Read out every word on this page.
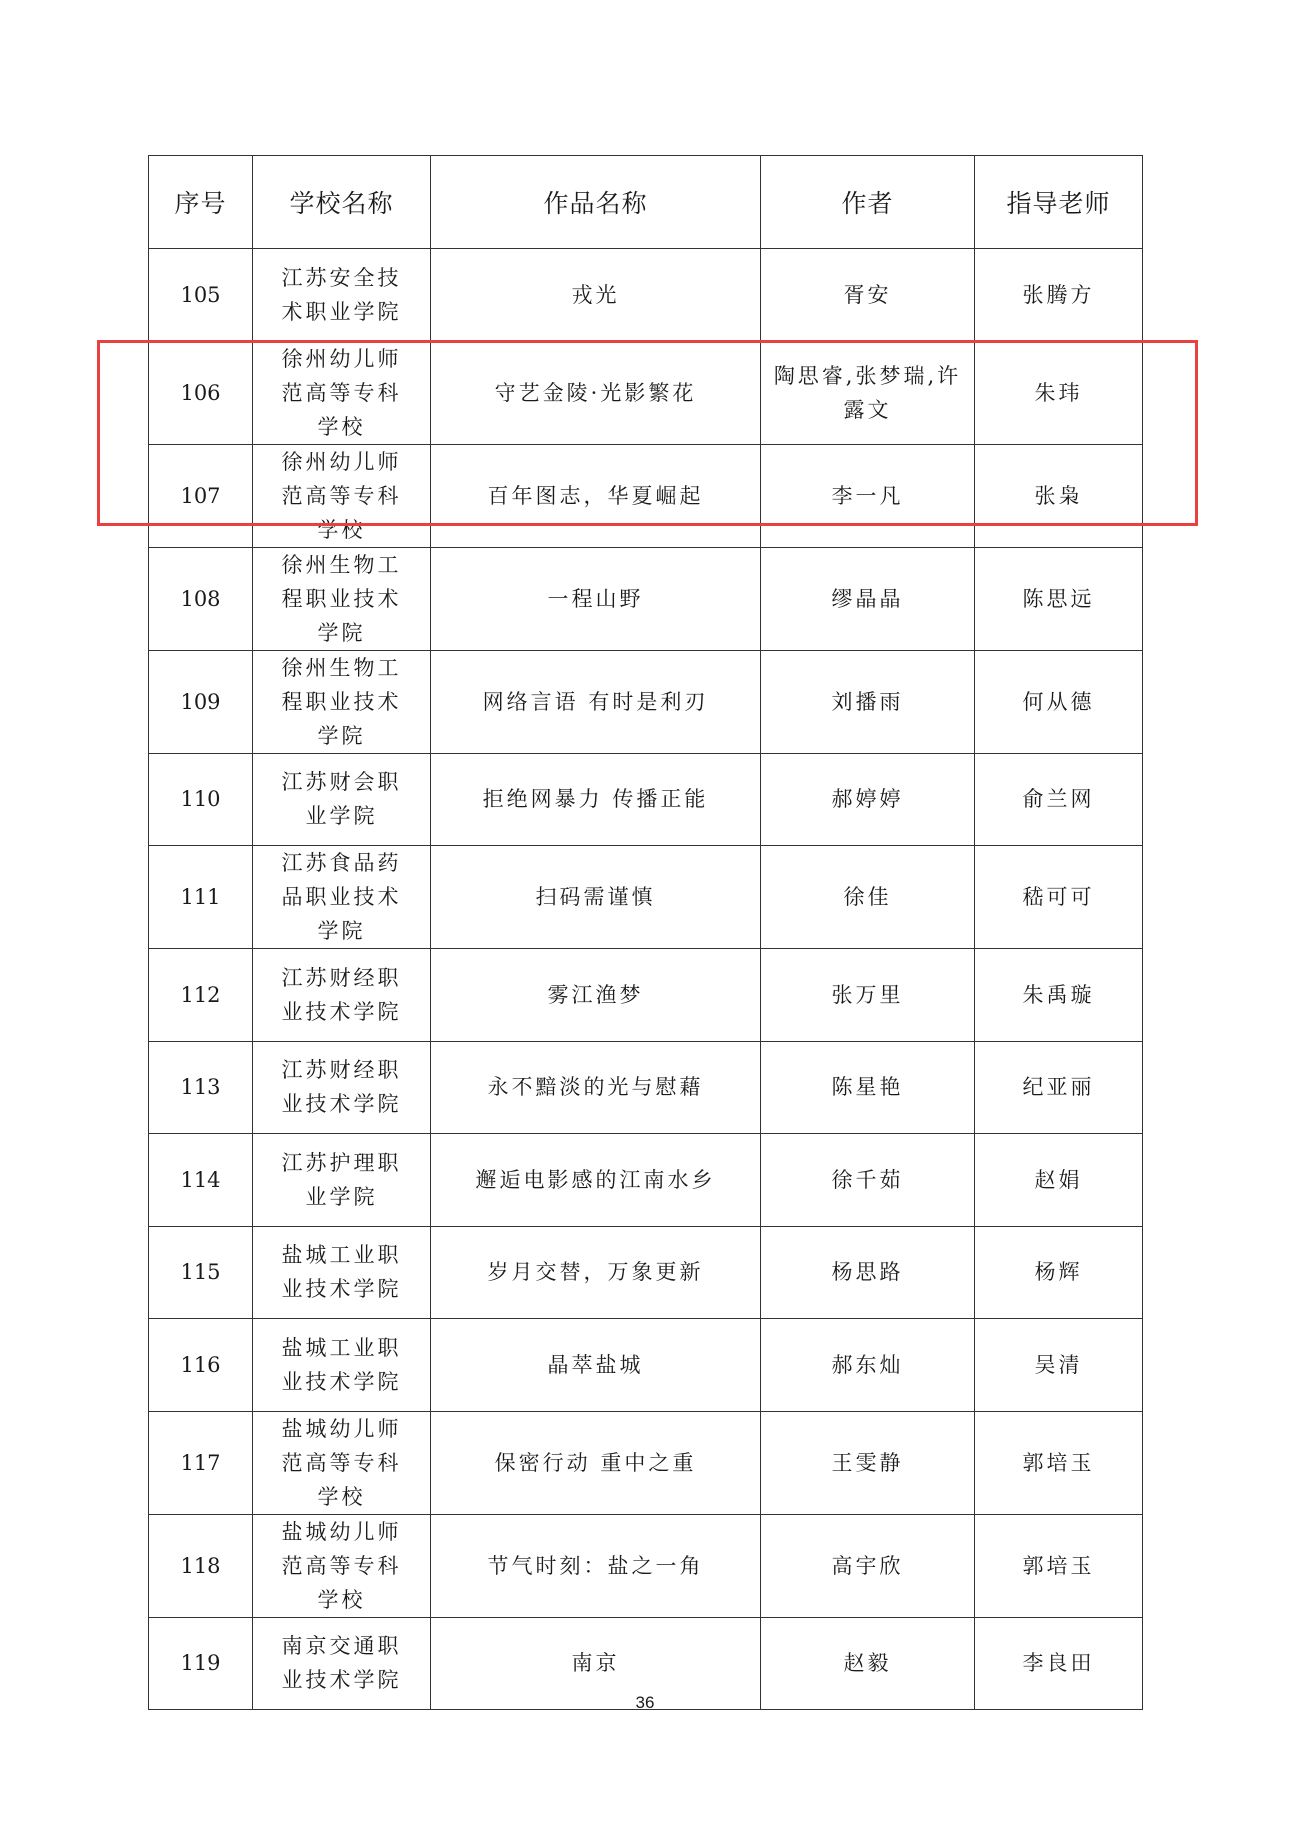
序号	学校名称	作品名称	作者	指导老师
105	江苏安全技术职业学院	戎光	胥安	张腾方
106	徐州幼儿师范高等专科学校	守艺金陵·光影繁花	陶思睿,张梦瑞,许露文	朱玮
107	徐州幼儿师范高等专科学校	百年图志，华夏崛起	李一凡	张枭
108	徐州生物工程职业技术学院	一程山野	缪晶晶	陈思远
109	徐州生物工程职业技术学院	网络言语 有时是利刃	刘播雨	何从德
110	江苏财会职业学院	拒绝网暴力 传播正能	郝婷婷	俞兰网
111	江苏食品药品职业技术学院	扫码需谨慎	徐佳	嵇可可
112	江苏财经职业技术学院	雾江渔梦	张万里	朱禹璇
113	江苏财经职业技术学院	永不黯淡的光与慰藉	陈星艳	纪亚丽
114	江苏护理职业学院	邂逅电影感的江南水乡	徐千茹	赵娟
115	盐城工业职业技术学院	岁月交替，万象更新	杨思路	杨辉
116	盐城工业职业技术学院	晶萃盐城	郝东灿	吴清
117	盐城幼儿师范高等专科学校	保密行动 重中之重	王雯静	郭培玉
118	盐城幼儿师范高等专科学校	节气时刻：盐之一角	高宇欣	郭培玉
119	南京交通职业技术学院	南京	赵毅	李良田
36
